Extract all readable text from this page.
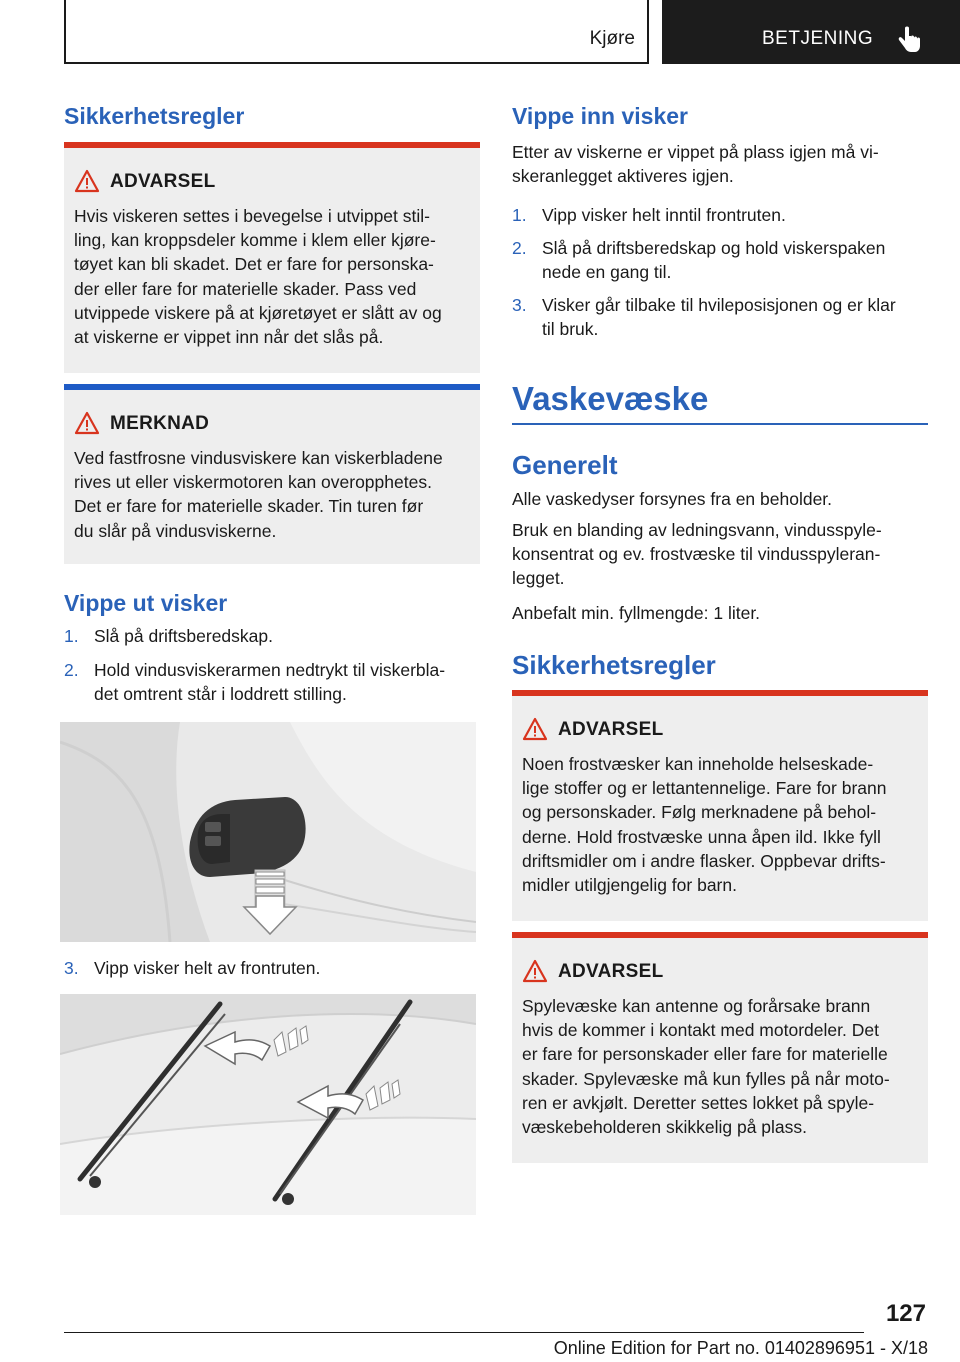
Kjøre	BETJENING
Sikkerhetsregler
ADVARSEL
Hvis viskeren settes i bevegelse i utvippet stil-
ling, kan kroppsdeler komme i klem eller kjøre-
tøyet kan bli skadet. Det er fare for personska-
der eller fare for materielle skader. Pass ved
utvippede viskere på at kjøretøyet er slått av og
at viskerne er vippet inn når det slås på.
MERKNAD
Ved fastfrosne vindusviskere kan viskerbladene
rives ut eller viskermotoren kan overopphetes.
Det er fare for materielle skader. Tin turen før
du slår på vindusviskerne.
Vippe ut visker
1. Slå på driftsberedskap.
2. Hold vindusviskerarmen nedtrykt til viskerbla-
det omtrent står i loddrett stilling.
3. Vipp visker helt av frontruten.
Vippe inn visker

Etter av viskerne er vippet på plass igjen må vi-
skeranlegget aktiveres igjen.

1. Vipp visker helt inntil frontruten.
2. Slå på driftsberedskap og hold viskerspaken
nede en gang til.
3. Visker går tilbake til hvileposisjonen og er klar
til bruk.
Vaskevæske
Generelt

Alle vaskedyser forsynes fra en beholder.

Bruk en blanding av ledningsvann, vindusspyle-
konsentrat og ev. frostvæske til vindusspyleran-
legget.

Anbefalt min. fyllmengde: 1 liter.

Sikkerhetsregler
ADVARSEL
Noen frostvæsker kan inneholde helseskade-
lige stoffer og er lettantennelige. Fare for brann
og personskader. Følg merknadene på behol-
derne. Hold frostvæske unna åpen ild. Ikke fyll
driftsmidler om i andre flasker. Oppbevar drifts-
midler utilgjengelig for barn.
ADVARSEL
Spylevæske kan antenne og forårsake brann
hvis de kommer i kontakt med motordeler. Det
er fare for personskader eller fare for materielle
skader. Spylevæske må kun fylles på når moto-
ren er avkjølt. Deretter settes lokket på spyle-
væskebeholderen skikkelig på plass.
127
Online Edition for Part no. 01402896951 - X/18
